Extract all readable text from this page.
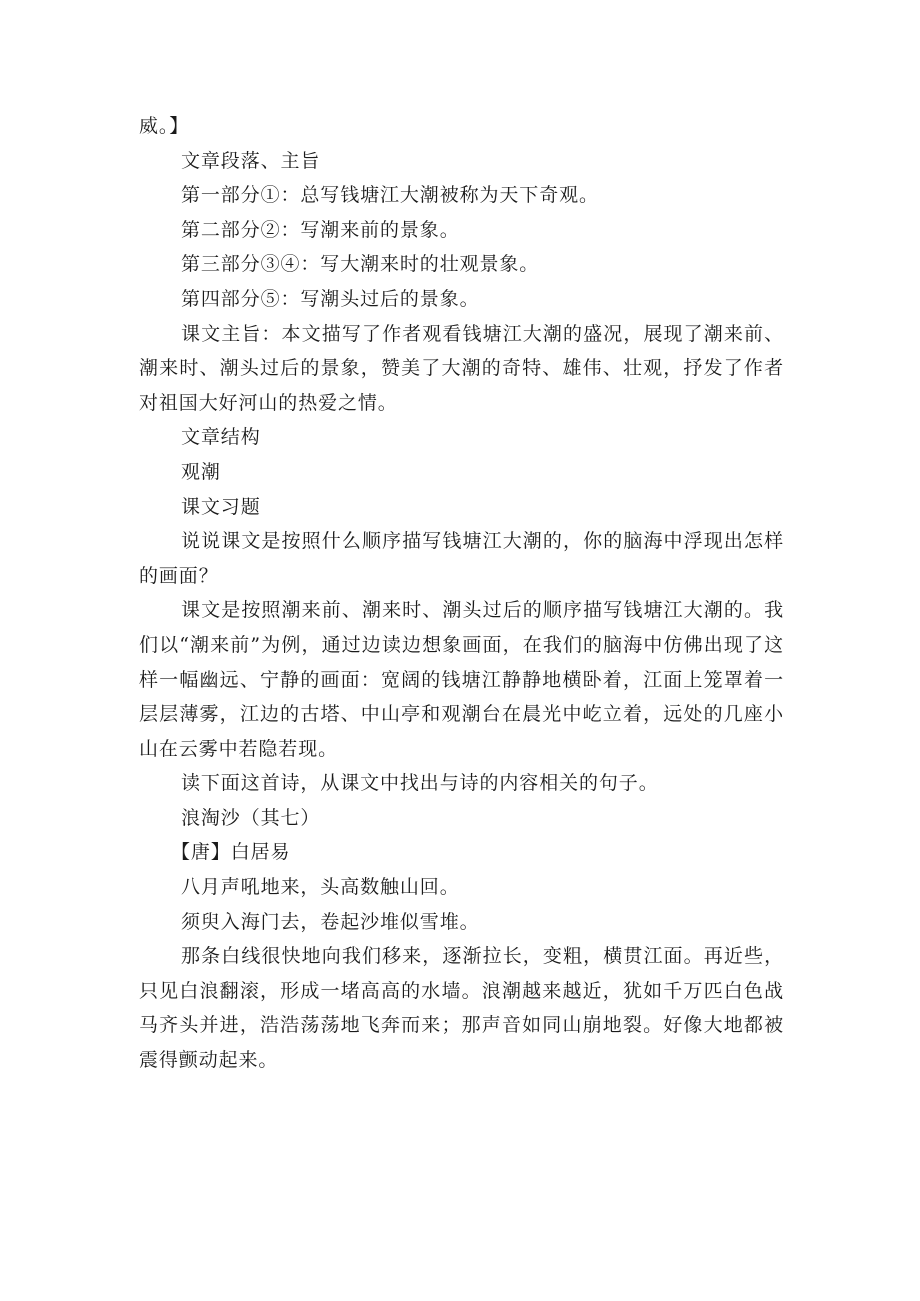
威。】

文章段落、主旨

第一部分①：总写钱塘江大潮被称为天下奇观。

第二部分②：写潮来前的景象。

第三部分③④：写大潮来时的壮观景象。

第四部分⑤：写潮头过后的景象。

课文主旨：本文描写了作者观看钱塘江大潮的盛况，展现了潮来前、潮来时、潮头过后的景象，赞美了大潮的奇特、雄伟、壮观，抒发了作者对祖国大好河山的热爱之情。

文章结构

观潮

课文习题

说说课文是按照什么顺序描写钱塘江大潮的，你的脑海中浮现出怎样的画面？

课文是按照潮来前、潮来时、潮头过后的顺序描写钱塘江大潮的。我们以“潮来前”为例，通过边读边想象画面，在我们的脑海中仿佛出现了这样一幅幽远、宁静的画面：宽阔的钱塘江静静地横卧着，江面上笼罩着一层层薄雾，江边的古塔、中山亭和观潮台在晨光中屹立着，远处的几座小山在云雾中若隐若现。

读下面这首诗，从课文中找出与诗的内容相关的句子。

浪淘沙（其七）

【唐】白居易

八月声吼地来，头高数触山回。

须臾入海门去，卷起沙堆似雪堆。

那条白线很快地向我们移来，逐渐拉长，变粗，横贯江面。再近些，只见白浪翻滚，形成一堵高高的水墙。浪潮越来越近，犹如千万匹白色战马齐头并进，浩浩荡荡地飞奔而来；那声音如同山崩地裂。好像大地都被震得颤动起来。
